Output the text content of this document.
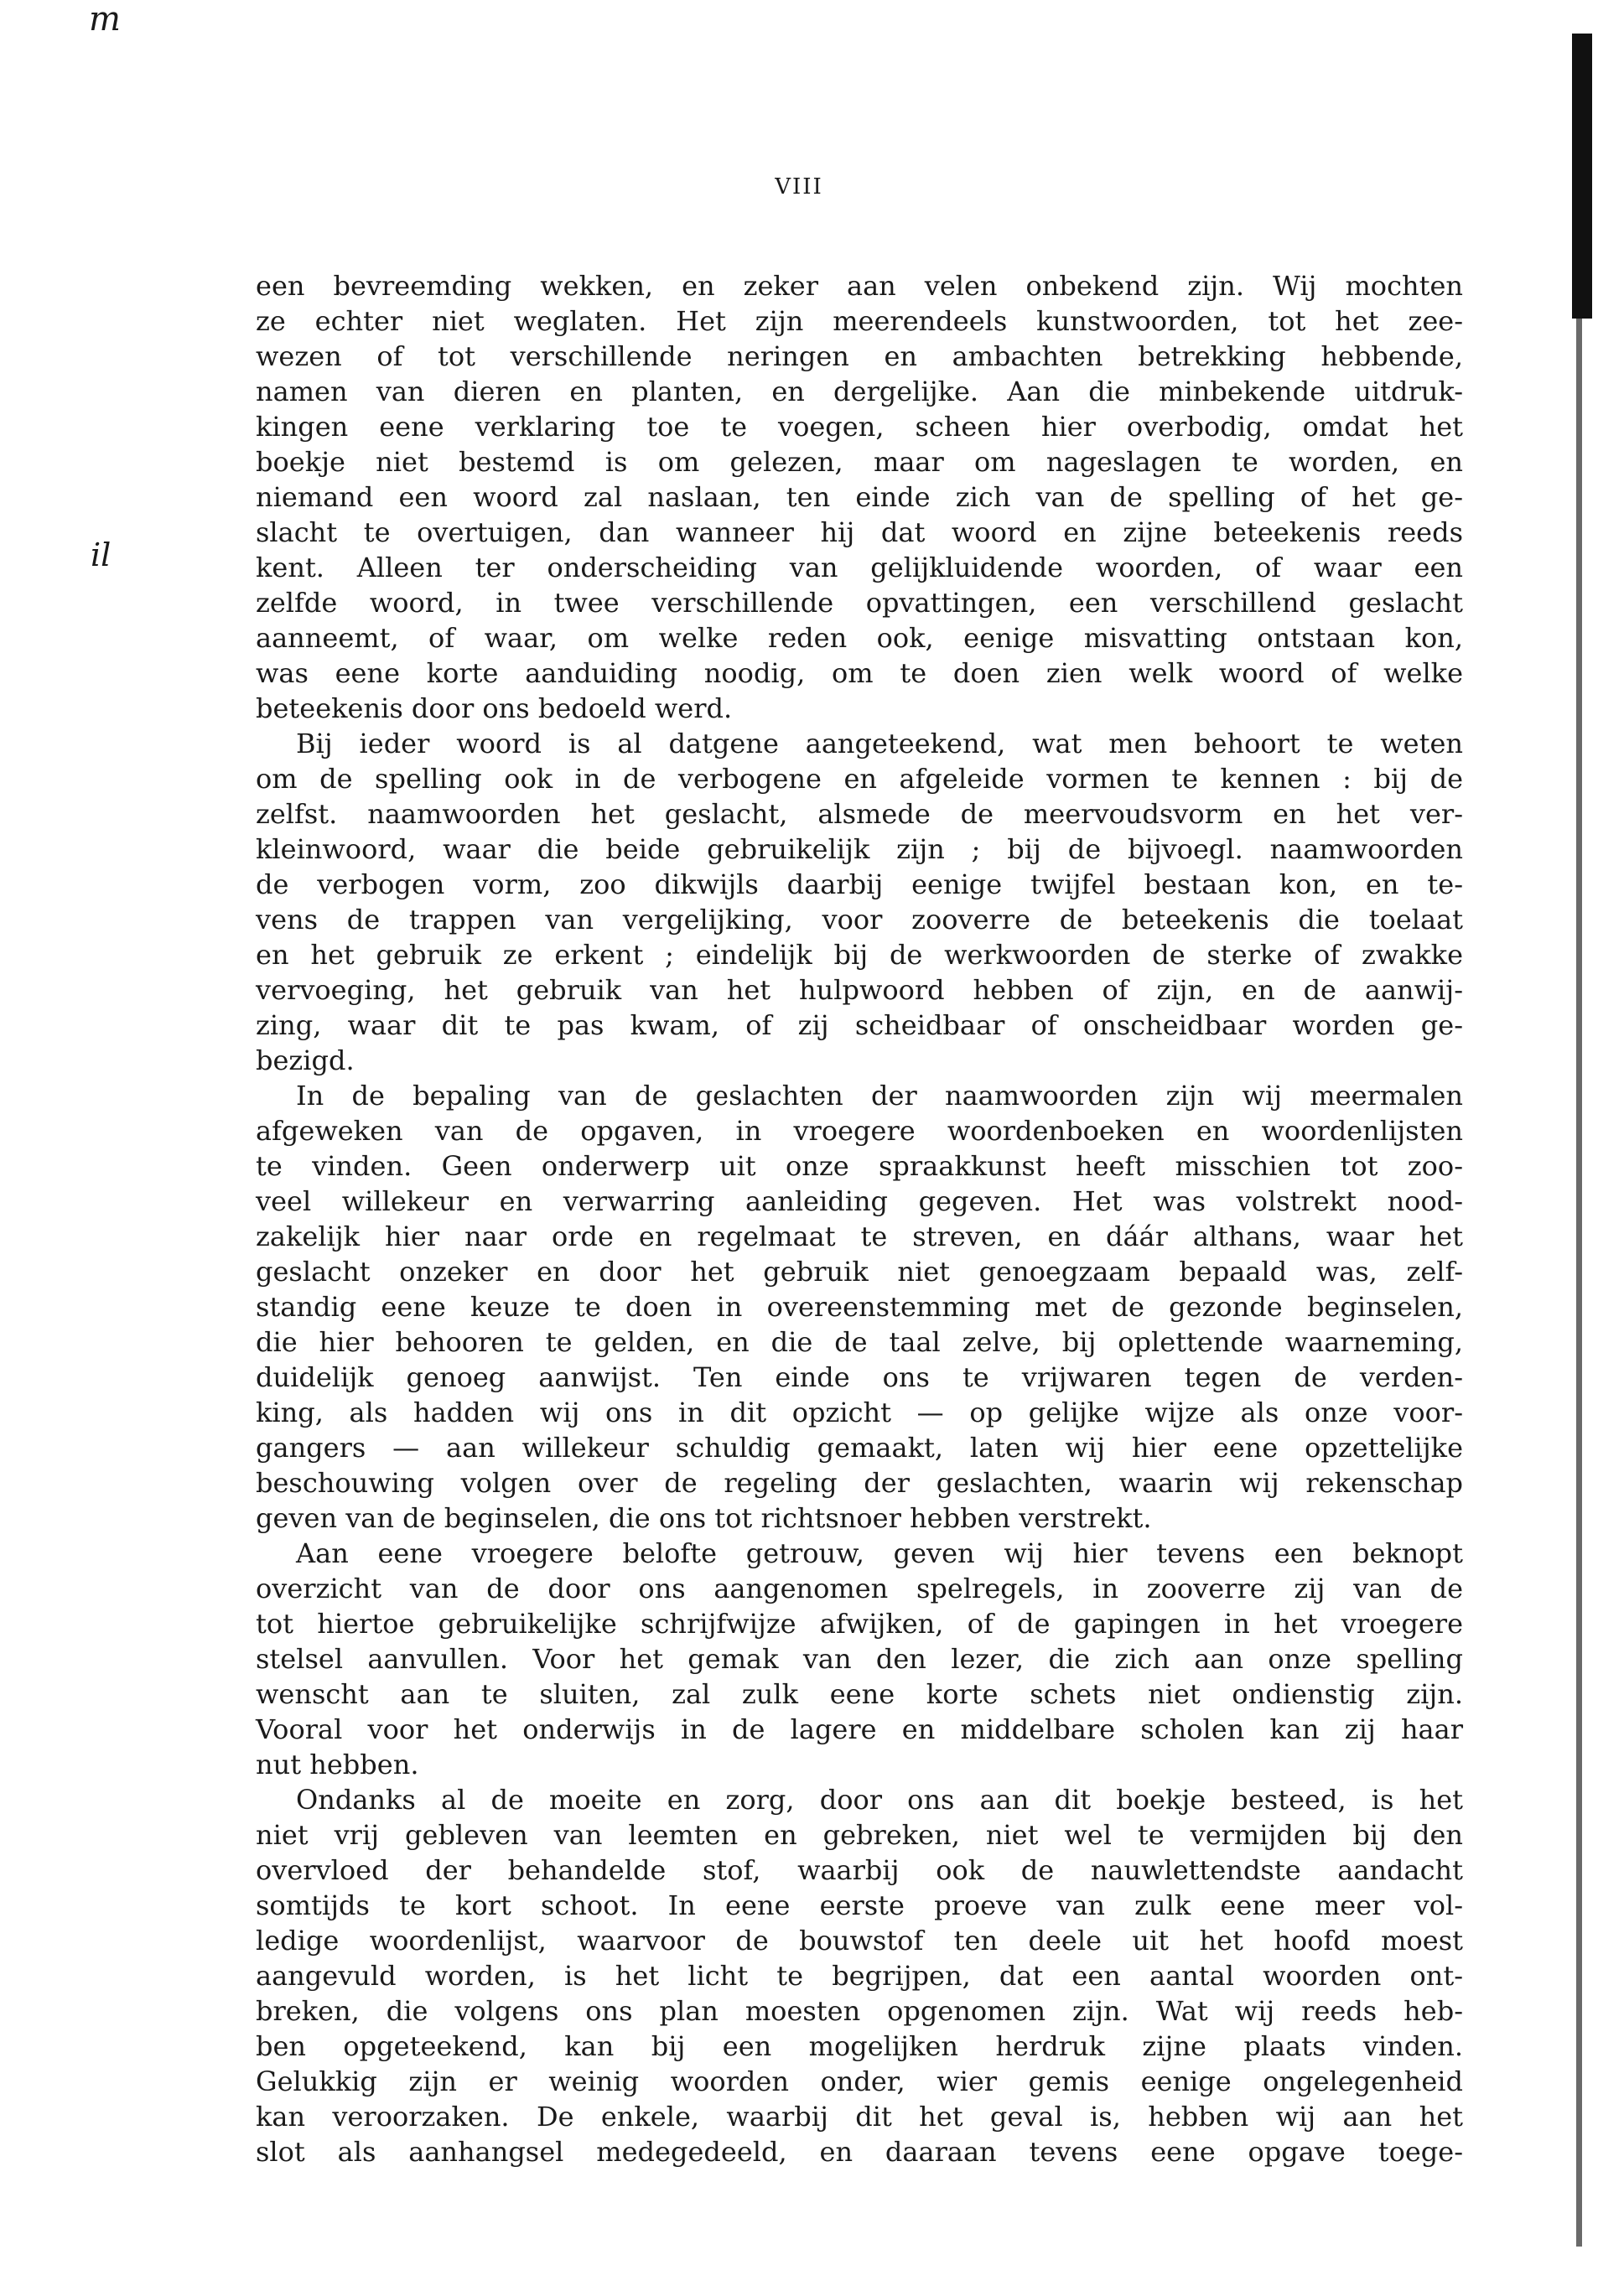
m
il
VIII
een bevreemding wekken, en zeker aan velen onbekend zijn. Wij mochten
ze echter niet weglaten. Het zijn meerendeels kunstwoorden, tot het zee-
wezen of tot verschillende neringen en ambachten betrekking hebbende,
namen van dieren en planten, en dergelijke. Aan die minbekende uitdruk-
kingen eene verklaring toe te voegen, scheen hier overbodig, omdat het
boekje niet bestemd is om gelezen, maar om nageslagen te worden, en
niemand een woord zal naslaan, ten einde zich van de spelling of het ge-
slacht te overtuigen, dan wanneer hij dat woord en zijne beteekenis reeds
kent. Alleen ter onderscheiding van gelijkluidende woorden, of waar een
zelfde woord, in twee verschillende opvattingen, een verschillend geslacht
aanneemt, of waar, om welke reden ook, eenige misvatting ontstaan kon,
was eene korte aanduiding noodig, om te doen zien welk woord of welke
beteekenis door ons bedoeld werd.
Bij ieder woord is al datgene aangeteekend, wat men behoort te weten
om de spelling ook in de verbogene en afgeleide vormen te kennen : bij de
zelfst. naamwoorden het geslacht, alsmede de meervoudsvorm en het ver-
kleinwoord, waar die beide gebruikelijk zijn ; bij de bijvoegl. naamwoorden
de verbogen vorm, zoo dikwijls daarbij eenige twijfel bestaan kon, en te-
vens de trappen van vergelijking, voor zooverre de beteekenis die toelaat
en het gebruik ze erkent ; eindelijk bij de werkwoorden de sterke of zwakke
vervoeging, het gebruik van het hulpwoord hebben of zijn, en de aanwij-
zing, waar dit te pas kwam, of zij scheidbaar of onscheidbaar worden ge-
bezigd.
In de bepaling van de geslachten der naamwoorden zijn wij meermalen
afgeweken van de opgaven, in vroegere woordenboeken en woordenlijsten
te vinden. Geen onderwerp uit onze spraakkunst heeft misschien tot zoo-
veel willekeur en verwarring aanleiding gegeven. Het was volstrekt nood-
zakelijk hier naar orde en regelmaat te streven, en dáár althans, waar het
geslacht onzeker en door het gebruik niet genoegzaam bepaald was, zelf-
standig eene keuze te doen in overeenstemming met de gezonde beginselen,
die hier behooren te gelden, en die de taal zelve, bij oplettende waarneming,
duidelijk genoeg aanwijst. Ten einde ons te vrijwaren tegen de verden-
king, als hadden wij ons in dit opzicht — op gelijke wijze als onze voor-
gangers — aan willekeur schuldig gemaakt, laten wij hier eene opzettelijke
beschouwing volgen over de regeling der geslachten, waarin wij rekenschap
geven van de beginselen, die ons tot richtsnoer hebben verstrekt.
Aan eene vroegere belofte getrouw, geven wij hier tevens een beknopt
overzicht van de door ons aangenomen spelregels, in zooverre zij van de
tot hiertoe gebruikelijke schrijfwijze afwijken, of de gapingen in het vroegere
stelsel aanvullen. Voor het gemak van den lezer, die zich aan onze spelling
wenscht aan te sluiten, zal zulk eene korte schets niet ondienstig zijn.
Vooral voor het onderwijs in de lagere en middelbare scholen kan zij haar
nut hebben.
Ondanks al de moeite en zorg, door ons aan dit boekje besteed, is het
niet vrij gebleven van leemten en gebreken, niet wel te vermijden bij den
overvloed der behandelde stof, waarbij ook de nauwlettendste aandacht
somtijds te kort schoot. In eene eerste proeve van zulk eene meer vol-
ledige woordenlijst, waarvoor de bouwstof ten deele uit het hoofd moest
aangevuld worden, is het licht te begrijpen, dat een aantal woorden ont-
breken, die volgens ons plan moesten opgenomen zijn. Wat wij reeds heb-
ben opgeteekend, kan bij een mogelijken herdruk zijne plaats vinden.
Gelukkig zijn er weinig woorden onder, wier gemis eenige ongelegenheid
kan veroorzaken. De enkele, waarbij dit het geval is, hebben wij aan het
slot als aanhangsel medegedeeld, en daaraan tevens eene opgave toege-
